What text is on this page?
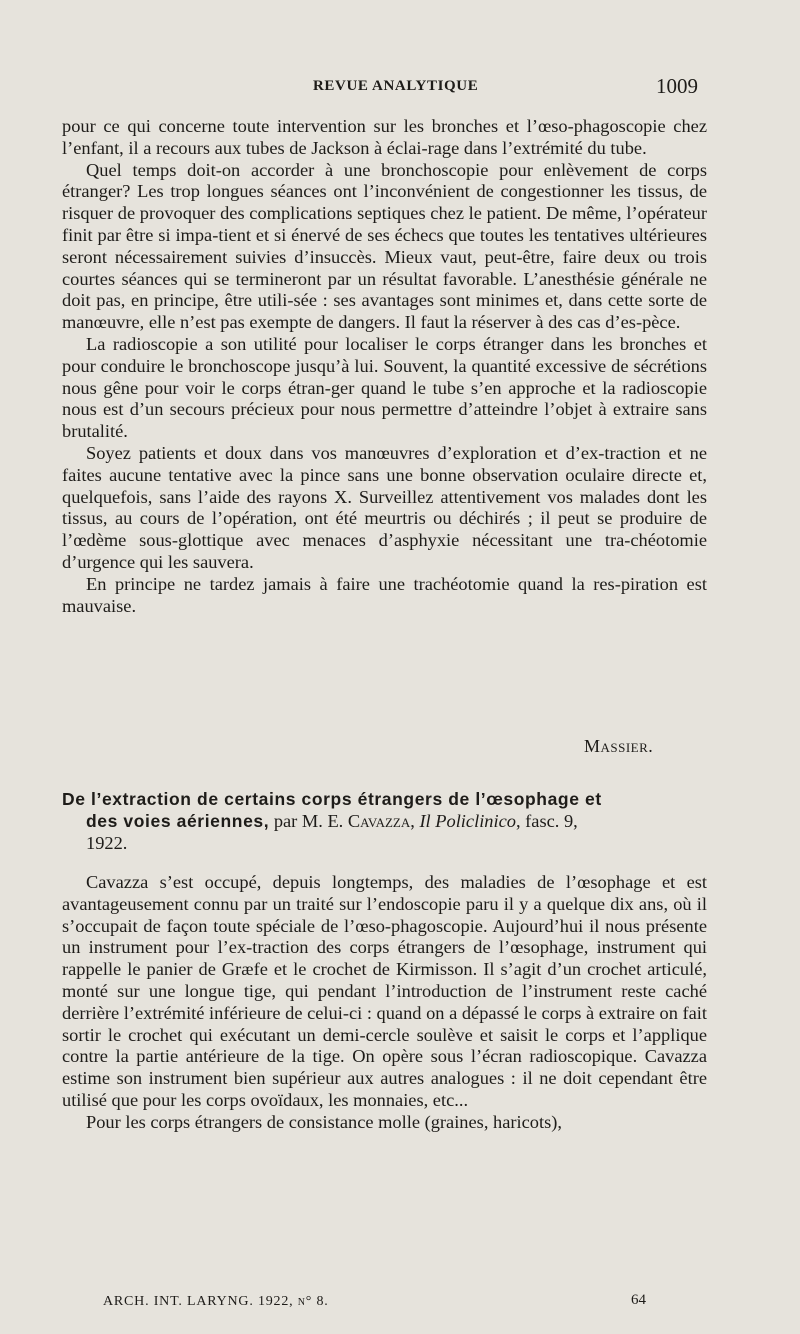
REVUE ANALYTIQUE	1009

pour ce qui concerne toute intervention sur les bronches et l’œso-phagoscopie chez l’enfant, il a recours aux tubes de Jackson à éclai-rage dans l’extrémité du tube.

Quel temps doit-on accorder à une bronchoscopie pour enlèvement de corps étranger? Les trop longues séances ont l’inconvénient de congestionner les tissus, de risquer de provoquer des complications septiques chez le patient. De même, l’opérateur finit par être si impa-tient et si énervé de ses échecs que toutes les tentatives ultérieures seront nécessairement suivies d’insuccès. Mieux vaut, peut-être, faire deux ou trois courtes séances qui se termineront par un résultat favorable. L’anesthésie générale ne doit pas, en principe, être utili-sée : ses avantages sont minimes et, dans cette sorte de manœuvre, elle n’est pas exempte de dangers. Il faut la réserver à des cas d’es-pèce.

La radioscopie a son utilité pour localiser le corps étranger dans les bronches et pour conduire le bronchoscope jusqu’à lui. Souvent, la quantité excessive de sécrétions nous gêne pour voir le corps étran-ger quand le tube s’en approche et la radioscopie nous est d’un secours précieux pour nous permettre d’atteindre l’objet à extraire sans brutalité.

Soyez patients et doux dans vos manœuvres d’exploration et d’ex-traction et ne faites aucune tentative avec la pince sans une bonne observation oculaire directe et, quelquefois, sans l’aide des rayons X. Surveillez attentivement vos malades dont les tissus, au cours de l’opération, ont été meurtris ou déchirés ; il peut se produire de l’œdème sous-glottique avec menaces d’asphyxie nécessitant une tra-chéotomie d’urgence qui les sauvera.

En principe ne tardez jamais à faire une trachéotomie quand la res-piration est mauvaise.

Massier.
De l’extraction de certains corps étrangers de l’œsophage et
des voies aériennes, par M. E. Cavazza, Il Policlinico, fasc. 9,
1922.

Cavazza s’est occupé, depuis longtemps, des maladies de l’œsophage et est avantageusement connu par un traité sur l’endoscopie paru il y a quelque dix ans, où il s’occupait de façon toute spéciale de l’œso-phagoscopie. Aujourd’hui il nous présente un instrument pour l’ex-traction des corps étrangers de l’œsophage, instrument qui rappelle le panier de Græfe et le crochet de Kirmisson. Il s’agit d’un crochet articulé, monté sur une longue tige, qui pendant l’introduction de l’instrument reste caché derrière l’extrémité inférieure de celui-ci : quand on a dépassé le corps à extraire on fait sortir le crochet qui exécutant un demi-cercle soulève et saisit le corps et l’applique contre la partie antérieure de la tige. On opère sous l’écran radioscopique. Cavazza estime son instrument bien supérieur aux autres analogues : il ne doit cependant être utilisé que pour les corps ovoïdaux, les monnaies, etc...

Pour les corps étrangers de consistance molle (graines, haricots),

ARCH. INT. LARYNG. 1922, n° 8.	64
